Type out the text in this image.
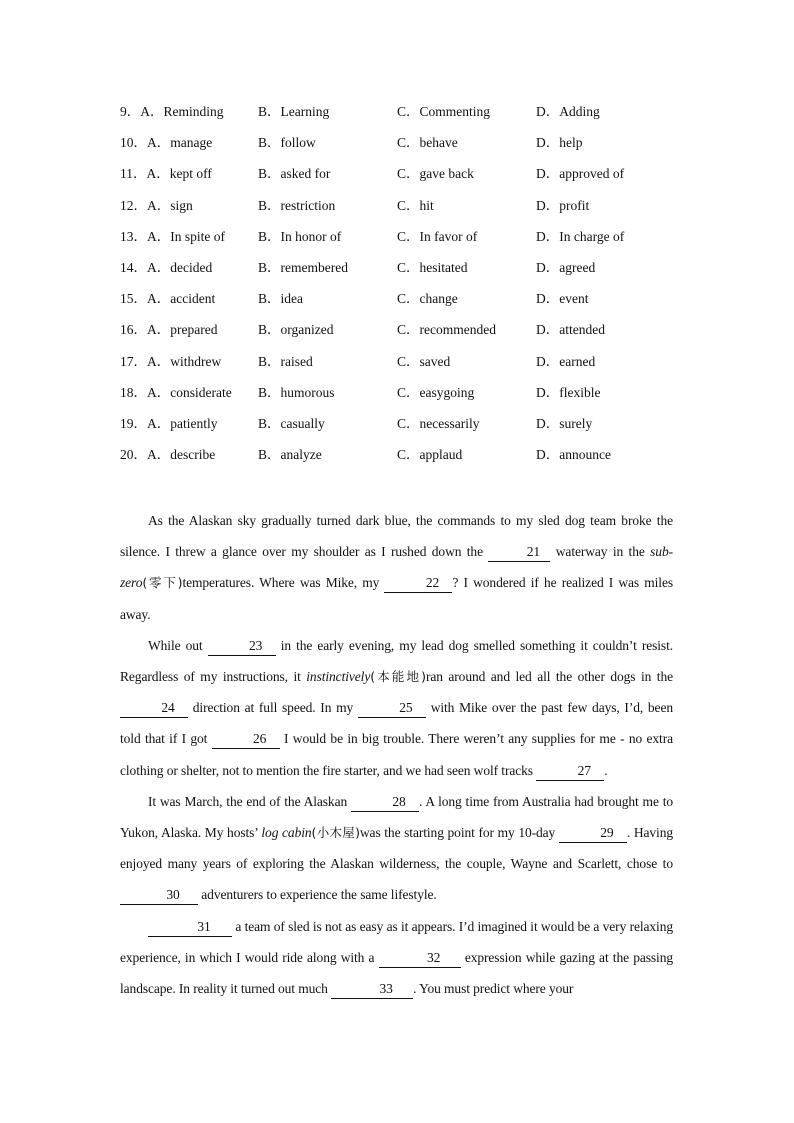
9．A．Reminding	B．Learning	C．Commenting	D．Adding
10．A．manage	B．follow	C．behave	D．help
11．A．kept off	B．asked for	C．gave back	D．approved of
12．A．sign	B．restriction	C．hit	D．profit
13．A．In spite of B．In honor of	C．In favor of	D．In charge of
14．A．decided	B．remembered	C．hesitated	D．agreed
15．A．accident	B．idea	C．change	D．event
16．A．prepared	B．organized	C．recommended	D．attended
17．A．withdrew	B．raised	C．saved	D．earned
18．A．considerate B．humorous	C．easygoing	D．flexible
19．A．patiently	B．casually	C．necessarily	D．surely
20．A．describe	B．analyze	C．applaud	D．announce

As the Alaskan sky gradually turned dark blue, the commands to my sled dog team broke the silence. I threw a glance over my shoulder as I rushed down the	21 waterway in the sub-zero(零下)temperatures. Where was Mike, my	22 ? I wondered if he realized I was miles away.

While out	23 in the early evening, my lead dog smelled something it couldn’t resist. Regardless of my instructions, it instinctively(本能地)ran around and led all the other dogs in the 24 direction at full speed. In my	25 with Mike over the past few days, I’d, been told that if I got	26 I would be in big trouble. There weren’t any supplies for me - no extra clothing or shelter, not to mention the fire starter, and we had seen wolf tracks	27 .

It was March, the end of the Alaskan	28 . A long time from Australia had brought me to Yukon, Alaska. My hosts’ log cabin(小木屋)was the starting point for my 10-day	29 . Having enjoyed many years of exploring the Alaskan wilderness, the couple, Wayne and Scarlett, chose to 30 adventurers to experience the same lifestyle.

31 a team of sled is not as easy as it appears. I’d imagined it would be a very relaxing experience, in which I would ride along with a	32 expression while gazing at the passing landscape. In reality it turned out much	33 . You must predict where your
